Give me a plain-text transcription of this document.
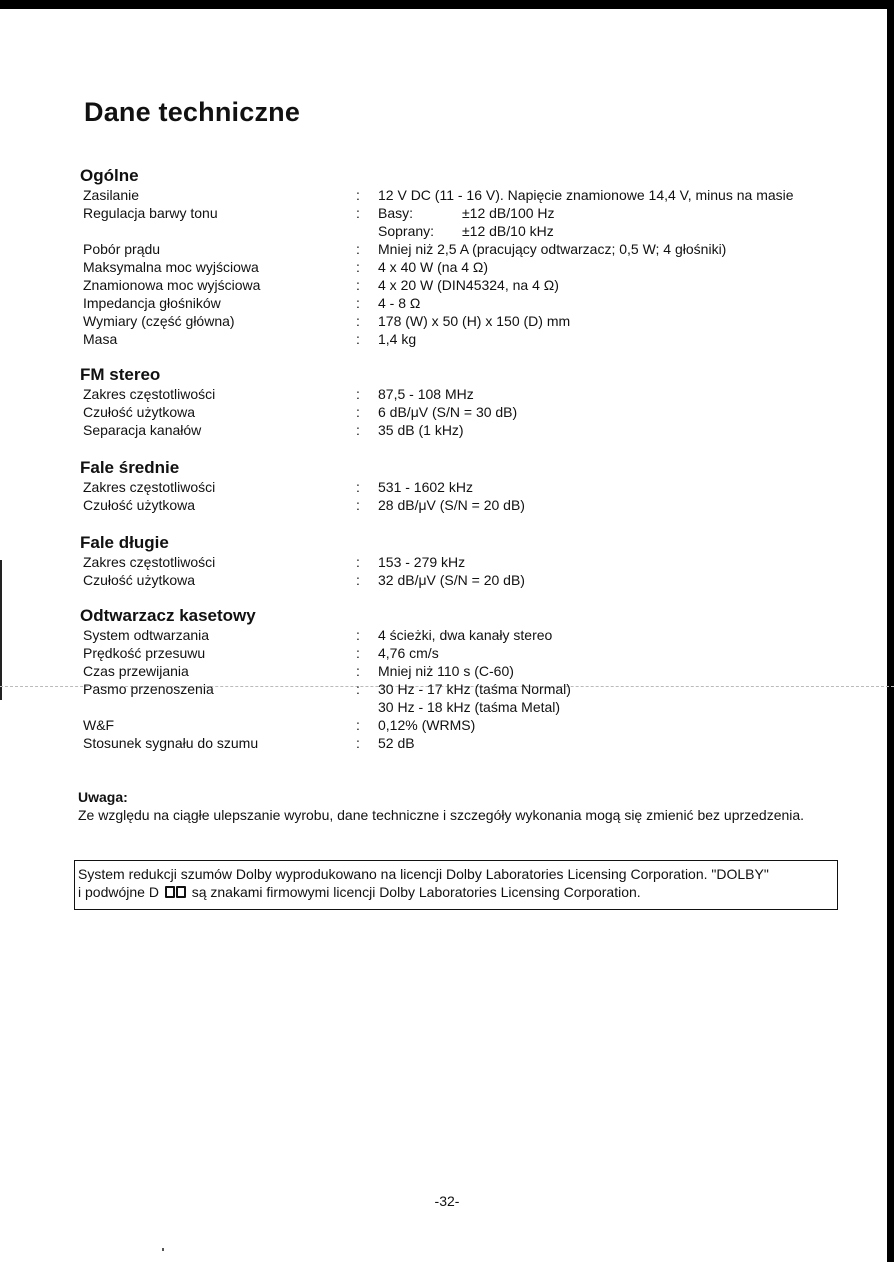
Dane techniczne
Ogólne
Zasilanie	: 12 V DC (11 - 16 V). Napięcie znamionowe 14,4 V, minus na masie
Regulacja barwy tonu	: Basy:	±12 dB/100 Hz
Soprany: ±12 dB/10 kHz
Pobór prądu	: Mniej niż 2,5 A (pracujący odtwarzacz; 0,5 W; 4 głośniki)
Maksymalna moc wyjściowa	: 4 x 40 W (na 4 Ω)
Znamionowa moc wyjściowa	: 4 x 20 W (DIN45324, na 4 Ω)
Impedancja głośników	: 4 - 8 Ω
Wymiary (część główna)	: 178 (W) x 50 (H) x 150 (D) mm
Masa	: 1,4 kg
FM stereo
Zakres częstotliwości	: 87,5 - 108 MHz
Czułość użytkowa	: 6 dB/μV (S/N = 30 dB)
Separacja kanałów	: 35 dB (1 kHz)
Fale średnie
Zakres częstotliwości	: 531 - 1602 kHz
Czułość użytkowa	: 28 dB/μV (S/N = 20 dB)
Fale długie
Zakres częstotliwości	: 153 - 279 kHz
Czułość użytkowa	: 32 dB/μV (S/N = 20 dB)
Odtwarzacz kasetowy
System odtwarzania	: 4 ścieżki, dwa kanały stereo
Prędkość przesuwu	: 4,76 cm/s
Czas przewijania	: Mniej niż 110 s (C-60)
Pasmo przenoszenia	: 30 Hz - 17 kHz (taśma Normal)
30 Hz - 18 kHz (taśma Metal)
W&F	: 0,12% (WRMS)
Stosunek sygnału do szumu	: 52 dB

Uwaga:

Ze względu na ciągłe ulepszanie wyrobu, dane techniczne i szczegóły wykonania mogą się zmienić bez uprzedzenia.

System redukcji szumów Dolby wyprodukowano na licencji Dolby Laboratories Licensing Corporation. "DOLBY"
i podwójne D są znakami firmowymi licencji Dolby Laboratories Licensing Corporation.
-32-
